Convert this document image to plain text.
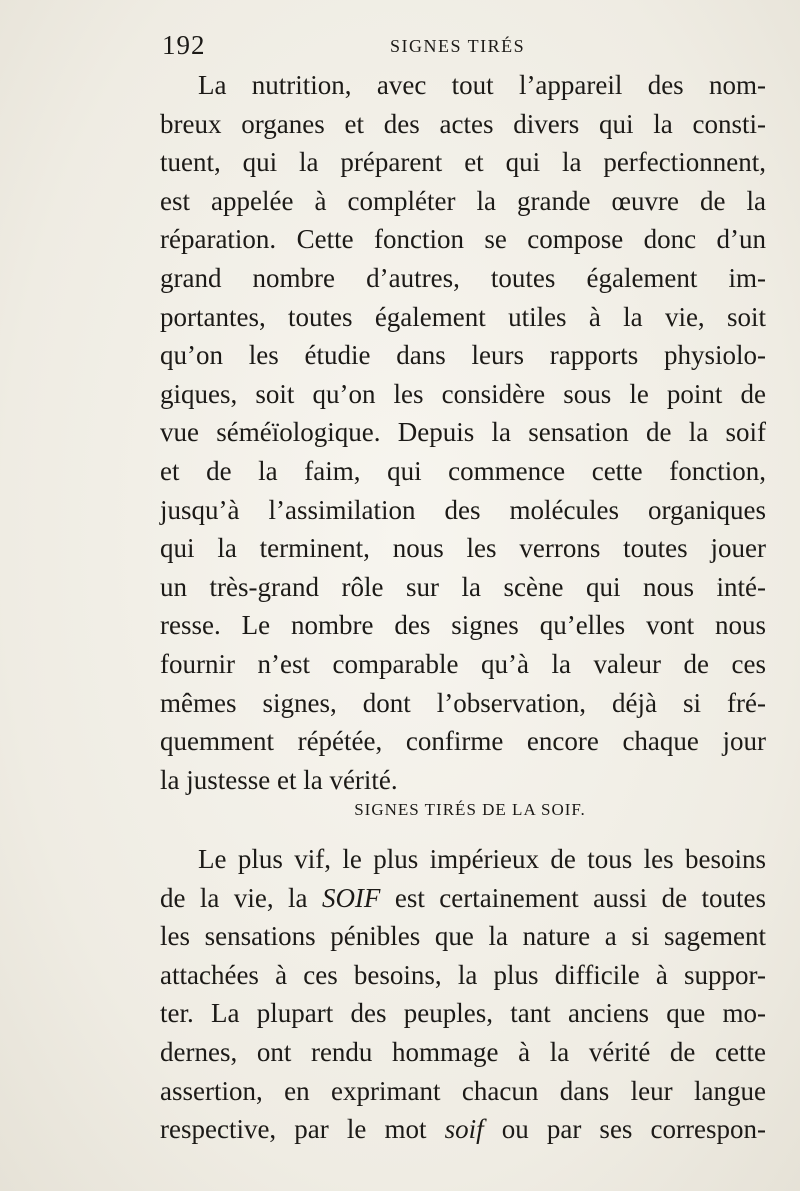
192	SIGNES TIRÉS
La nutrition, avec tout l’appareil des nom-
breux organes et des actes divers qui la consti-
tuent, qui la préparent et qui la perfectionnent,
est appelée à compléter la grande œuvre de la
réparation. Cette fonction se compose donc d’un
grand nombre d’autres, toutes également im-
portantes, toutes également utiles à la vie, soit
qu’on les étudie dans leurs rapports physiolo-
giques, soit qu’on les considère sous le point de
vue séméïologique. Depuis la sensation de la soif
et de la faim, qui commence cette fonction,
jusqu’à l’assimilation des molécules organiques
qui la terminent, nous les verrons toutes jouer
un très-grand rôle sur la scène qui nous inté-
resse. Le nombre des signes qu’elles vont nous
fournir n’est comparable qu’à la valeur de ces
mêmes signes, dont l’observation, déjà si fré-
quemment répétée, confirme encore chaque jour
la justesse et la vérité.
SIGNES TIRÉS DE LA SOIF.
Le plus vif, le plus impérieux de tous les besoins
de la vie, la SOIF est certainement aussi de toutes
les sensations pénibles que la nature a si sagement
attachées à ces besoins, la plus difficile à suppor-
ter. La plupart des peuples, tant anciens que mo-
dernes, ont rendu hommage à la vérité de cette
assertion, en exprimant chacun dans leur langue
respective, par le mot soif ou par ses correspon-
